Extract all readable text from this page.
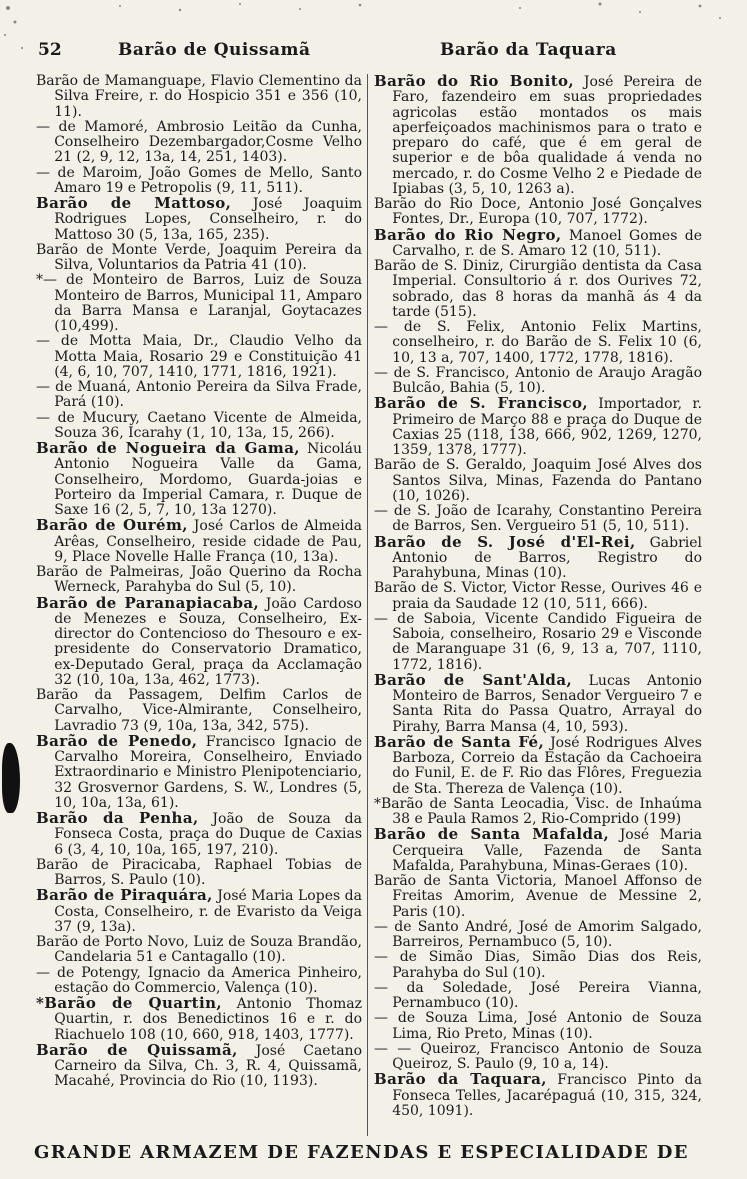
52	Barão de Quissamã	Barão da Taquara

Barão de Mamanguape, Flavio Clementino da Silva Freire, r. do Hospicio 351 e 356 (10, 11).

— de Mamoré, Ambrosio Leitão da Cunha, Conselheiro Dezembargador,Cosme Velho 21 (2, 9, 12, 13a, 14, 251, 1403).

— de Maroim, João Gomes de Mello, Santo Amaro 19 e Petropolis (9, 11, 511).

Barão de Mattoso, José Joaquim Rodrigues Lopes, Conselheiro, r. do Mattoso 30 (5, 13a, 165, 235).

Barão de Monte Verde, Joaquim Pereira da Silva, Voluntarios da Patria 41 (10).

*— de Monteiro de Barros, Luiz de Souza Monteiro de Barros, Municipal 11, Amparo da Barra Mansa e Laranjal, Goytacazes (10,499).

— de Motta Maia, Dr., Claudio Velho da Motta Maia, Rosario 29 e Constituição 41 (4, 6, 10, 707, 1410, 1771, 1816, 1921).

— de Muaná, Antonio Pereira da Silva Frade, Pará (10).

— de Mucury, Caetano Vicente de Almeida, Souza 36, Icarahy (1, 10, 13a, 15, 266).

Barão de Nogueira da Gama, Nicoláu Antonio Nogueira Valle da Gama, Conselheiro, Mordomo, Guarda-joias e Porteiro da Imperial Camara, r. Duque de Saxe 16 (2, 5, 7, 10, 13a 1270).

Barão de Ourém, José Carlos de Almeida Arêas, Conselheiro, reside cidade de Pau, 9, Place Novelle Halle França (10, 13a).

Barão de Palmeiras, João Querino da Rocha Werneck, Parahyba do Sul (5, 10).

Barão de Paranapiacaba, João Cardoso de Menezes e Souza, Conselheiro, Ex-director do Contencioso do Thesouro e ex-presidente do Conservatorio Dramatico, ex-Deputado Geral, praça da Acclamação 32 (10, 10a, 13a, 462, 1773).

Barão da Passagem, Delfim Carlos de Carvalho, Vice-Almirante, Conselheiro, Lavradio 73 (9, 10a, 13a, 342, 575).

Barão de Penedo, Francisco Ignacio de Carvalho Moreira, Conselheiro, Enviado Extraordinario e Ministro Plenipotenciario, 32 Grosvernor Gardens, S. W., Londres (5, 10, 10a, 13a, 61).

Barão da Penha, João de Souza da Fonseca Costa, praça do Duque de Caxias 6 (3, 4, 10, 10a, 165, 197, 210).

Barão de Piracicaba, Raphael Tobias de Barros, S. Paulo (10).

Barão de Piraquára, José Maria Lopes da Costa, Conselheiro, r. de Evaristo da Veiga 37 (9, 13a).

Barão de Porto Novo, Luiz de Souza Brandão, Candelaria 51 e Cantagallo (10).

— de Potengy, Ignacio da America Pinheiro, estação do Commercio, Valença (10).

*Barão de Quartin, Antonio Thomaz Quartin, r. dos Benedictinos 16 e r. do Riachuelo 108 (10, 660, 918, 1403, 1777).

Barão de Quissamã, José Caetano Carneiro da Silva, Ch. 3, R. 4, Quissamã, Macahé, Provincia do Rio (10, 1193).

Barão do Rio Bonito, José Pereira de Faro, fazendeiro em suas propriedades agricolas estão montados os mais aperfeiçoados machinismos para o trato e preparo do café, que é em geral de superior e de bôa qualidade á venda no mercado, r. do Cosme Velho 2 e Piedade de Ipiabas (3, 5, 10, 1263 a).

Barão do Rio Doce, Antonio José Gonçalves Fontes, Dr., Europa (10, 707, 1772).

Barão do Rio Negro, Manoel Gomes de Carvalho, r. de S. Amaro 12 (10, 511).

Barão de S. Diniz, Cirurgião dentista da Casa Imperial. Consultorio á r. dos Ourives 72, sobrado, das 8 horas da manhã ás 4 da tarde (515).

— de S. Felix, Antonio Felix Martins, conselheiro, r. do Barão de S. Felix 10 (6, 10, 13 a, 707, 1400, 1772, 1778, 1816).

— de S. Francisco, Antonio de Araujo Aragão Bulcão, Bahia (5, 10).

Barão de S. Francisco, Importador, r. Primeiro de Março 88 e praça do Duque de Caxias 25 (118, 138, 666, 902, 1269, 1270, 1359, 1378, 1777).

Barão de S. Geraldo, Joaquim José Alves dos Santos Silva, Minas, Fazenda do Pantano (10, 1026).

— de S. João de Icarahy, Constantino Pereira de Barros, Sen. Vergueiro 51 (5, 10, 511).

Barão de S. José d'El-Rei, Gabriel Antonio de Barros, Registro do Parahybuna, Minas (10).

Barão de S. Victor, Victor Resse, Ourives 46 e praia da Saudade 12 (10, 511, 666).

— de Saboia, Vicente Candido Figueira de Saboia, conselheiro, Rosario 29 e Visconde de Maranguape 31 (6, 9, 13 a, 707, 1110, 1772, 1816).

Barão de Sant'Alda, Lucas Antonio Monteiro de Barros, Senador Vergueiro 7 e Santa Rita do Passa Quatro, Arrayal do Pirahy, Barra Mansa (4, 10, 593).

Barão de Santa Fé, José Rodrigues Alves Barboza, Correio da Estação da Cachoeira do Funil, E. de F. Rio das Flôres, Freguezia de Sta. Thereza de Valença (10).

*Barão de Santa Leocadia, Visc. de Inhaúma 38 e Paula Ramos 2, Rio-Comprido (199)

Barão de Santa Mafalda, José Maria Cerqueira Valle, Fazenda de Santa Mafalda, Parahybuna, Minas-Geraes (10).

Barão de Santa Victoria, Manoel Affonso de Freitas Amorim, Avenue de Messine 2, Paris (10).

— de Santo André, José de Amorim Salgado, Barreiros, Pernambuco (5, 10).

— de Simão Dias, Simão Dias dos Reis, Parahyba do Sul (10).

— da Soledade, José Pereira Vianna, Pernambuco (10).

— de Souza Lima, José Antonio de Souza Lima, Rio Preto, Minas (10).

— — Queiroz, Francisco Antonio de Souza Queiroz, S. Paulo (9, 10 a, 14).

Barão da Taquara, Francisco Pinto da Fonseca Telles, Jacarépaguá (10, 315, 324, 450, 1091).

GRANDE ARMAZEM DE FAZENDAS E ESPECIALIDADE DE
